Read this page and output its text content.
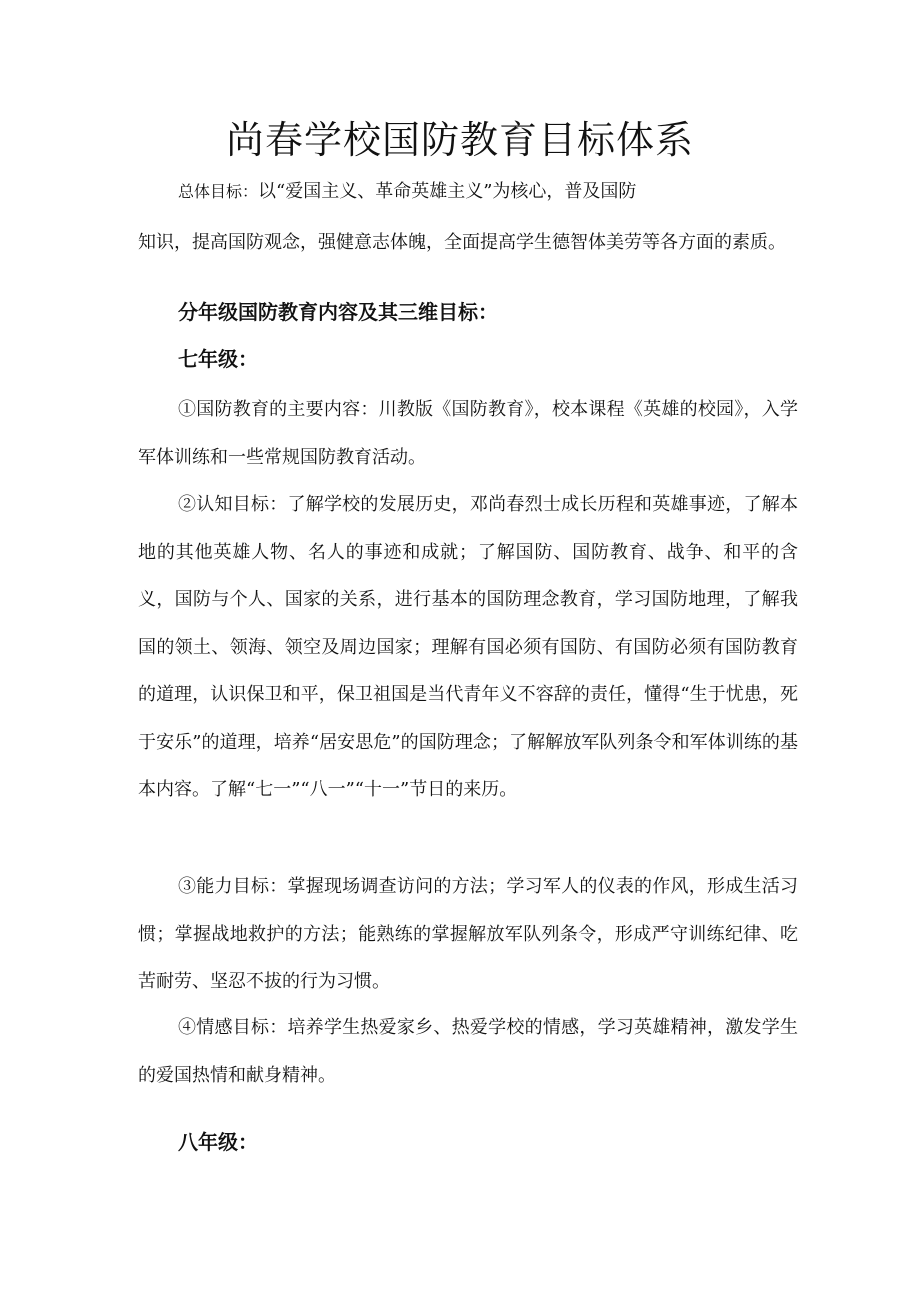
尚春学校国防教育目标体系
总体目标：以“爱国主义、革命英雄主义”为核心，普及国防
知识，提高国防观念，强健意志体魄，全面提高学生德智体美劳等各方面的素质。
分年级国防教育内容及其三维目标：
七年级：

①国防教育的主要内容：川教版《国防教育》，校本课程《英雄的校园》，入学军体训练和一些常规国防教育活动。

②认知目标：了解学校的发展历史，邓尚春烈士成长历程和英雄事迹，了解本地的其他英雄人物、名人的事迹和成就；了解国防、国防教育、战争、和平的含义，国防与个人、国家的关系，进行基本的国防理念教育，学习国防地理，了解我国的领土、领海、领空及周边国家；理解有国必须有国防、有国防必须有国防教育的道理，认识保卫和平，保卫祖国是当代青年义不容辞的责任，懂得“生于忧患，死于安乐”的道理，培养“居安思危”的国防理念；了解解放军队列条令和军体训练的基本内容。了解“七一”“八一”“十一”节日的来历。

③能力目标：掌握现场调查访问的方法；学习军人的仪表的作风，形成生活习惯；掌握战地救护的方法；能熟练的掌握解放军队列条令，形成严守训练纪律、吃苦耐劳、坚忍不拔的行为习惯。

④情感目标：培养学生热爱家乡、热爱学校的情感，学习英雄精神，激发学生的爱国热情和献身精神。

八年级：
